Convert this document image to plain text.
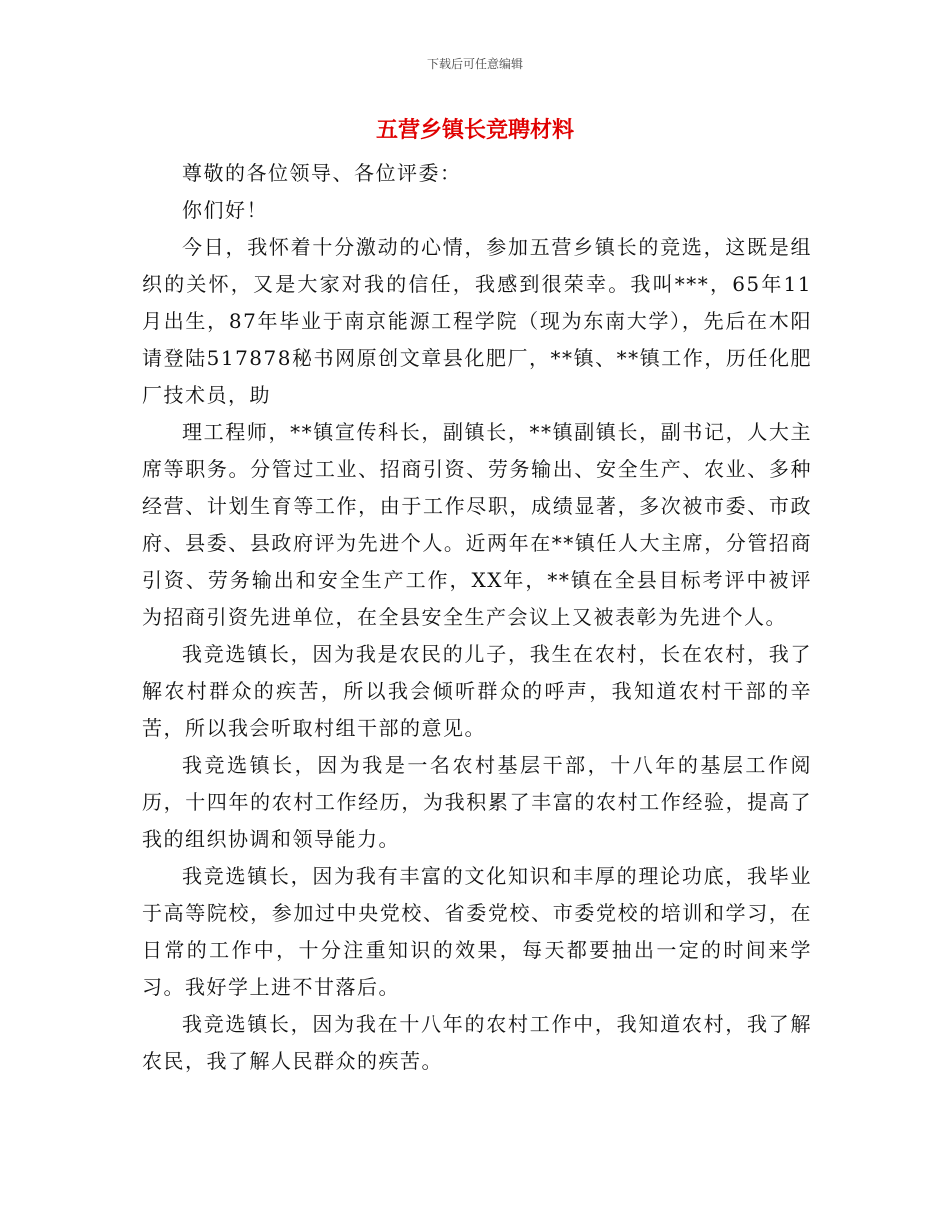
下载后可任意编辑
五营乡镇长竞聘材料

尊敬的各位领导、各位评委：

你们好！

今日，我怀着十分激动的心情，参加五营乡镇长的竞选，这既是组织的关怀，又是大家对我的信任，我感到很荣幸。我叫***，65年11月出生，87年毕业于南京能源工程学院（现为东南大学），先后在木阳请登陆517878秘书网原创文章县化肥厂，**镇、**镇工作，历任化肥厂技术员，助

理工程师，**镇宣传科长，副镇长，**镇副镇长，副书记，人大主席等职务。分管过工业、招商引资、劳务输出、安全生产、农业、多种经营、计划生育等工作，由于工作尽职，成绩显著，多次被市委、市政府、县委、县政府评为先进个人。近两年在**镇任人大主席，分管招商引资、劳务输出和安全生产工作，XX年，**镇在全县目标考评中被评为招商引资先进单位，在全县安全生产会议上又被表彰为先进个人。

我竞选镇长，因为我是农民的儿子，我生在农村，长在农村，我了解农村群众的疾苦，所以我会倾听群众的呼声，我知道农村干部的辛苦，所以我会听取村组干部的意见。

我竞选镇长，因为我是一名农村基层干部，十八年的基层工作阅历，十四年的农村工作经历，为我积累了丰富的农村工作经验，提高了我的组织协调和领导能力。

我竞选镇长，因为我有丰富的文化知识和丰厚的理论功底，我毕业于高等院校，参加过中央党校、省委党校、市委党校的培训和学习，在日常的工作中，十分注重知识的效果，每天都要抽出一定的时间来学习。我好学上进不甘落后。

我竞选镇长，因为我在十八年的农村工作中，我知道农村，我了解农民，我了解人民群众的疾苦。
